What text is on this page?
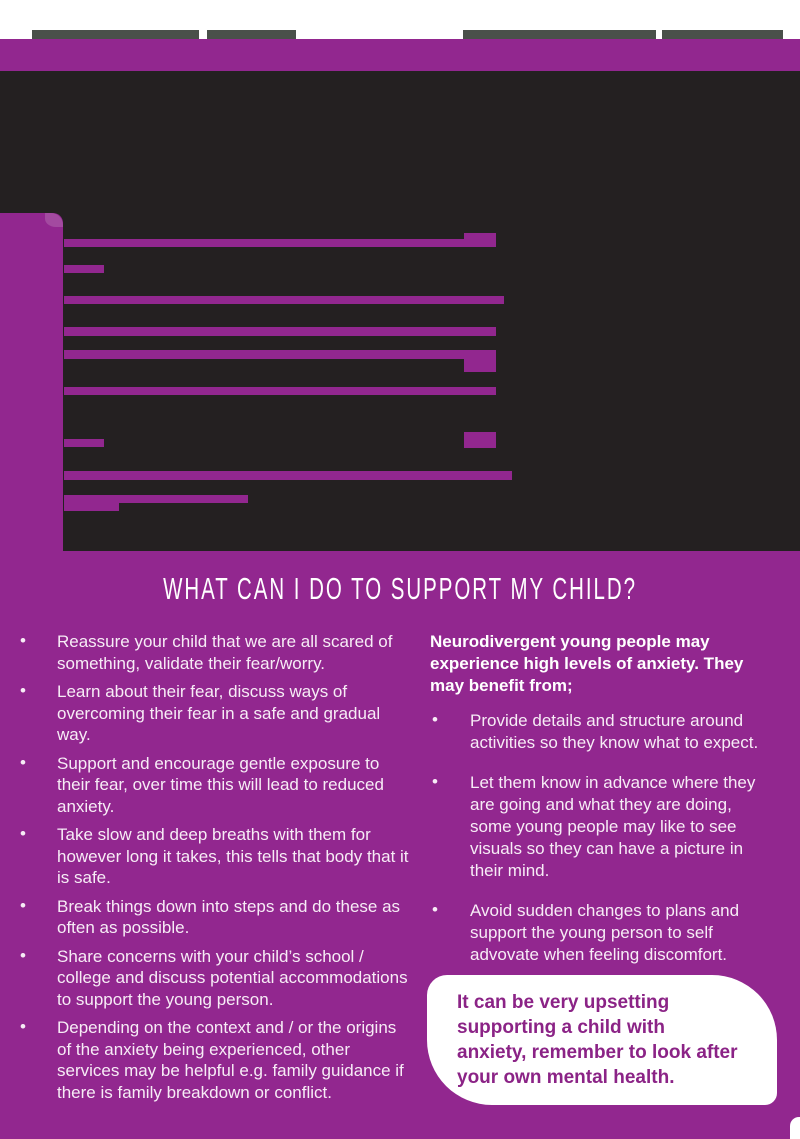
WHAT CAN I DO TO SUPPORT MY CHILD?
• Reassure your child that we are all scared of something, validate their fear/worry.
• Learn about their fear, discuss ways of overcoming their fear in a safe and gradual way.
• Support and encourage gentle exposure to their fear, over time this will lead to reduced anxiety.
• Take slow and deep breaths with them for however long it takes, this tells that body that it is safe.
• Break things down into steps and do these as often as possible.
• Share concerns with your child’s school / college and discuss potential accommodations to support the young person.
• Depending on the context and / or the origins of the anxiety being experienced, other services may be helpful e.g. family guidance if there is family breakdown or conflict.

Neurodivergent young people may experience high levels of anxiety. They may benefit from;

• Provide details and structure around activities so they know what to expect.
• Let them know in advance where they are going and what they are doing, some young people may like to see visuals so they can have a picture in their mind.
• Avoid sudden changes to plans and support the young person to self advovate when feeling discomfort.

It can be very upsetting supporting a child with anxiety, remember to look after your own mental health.
